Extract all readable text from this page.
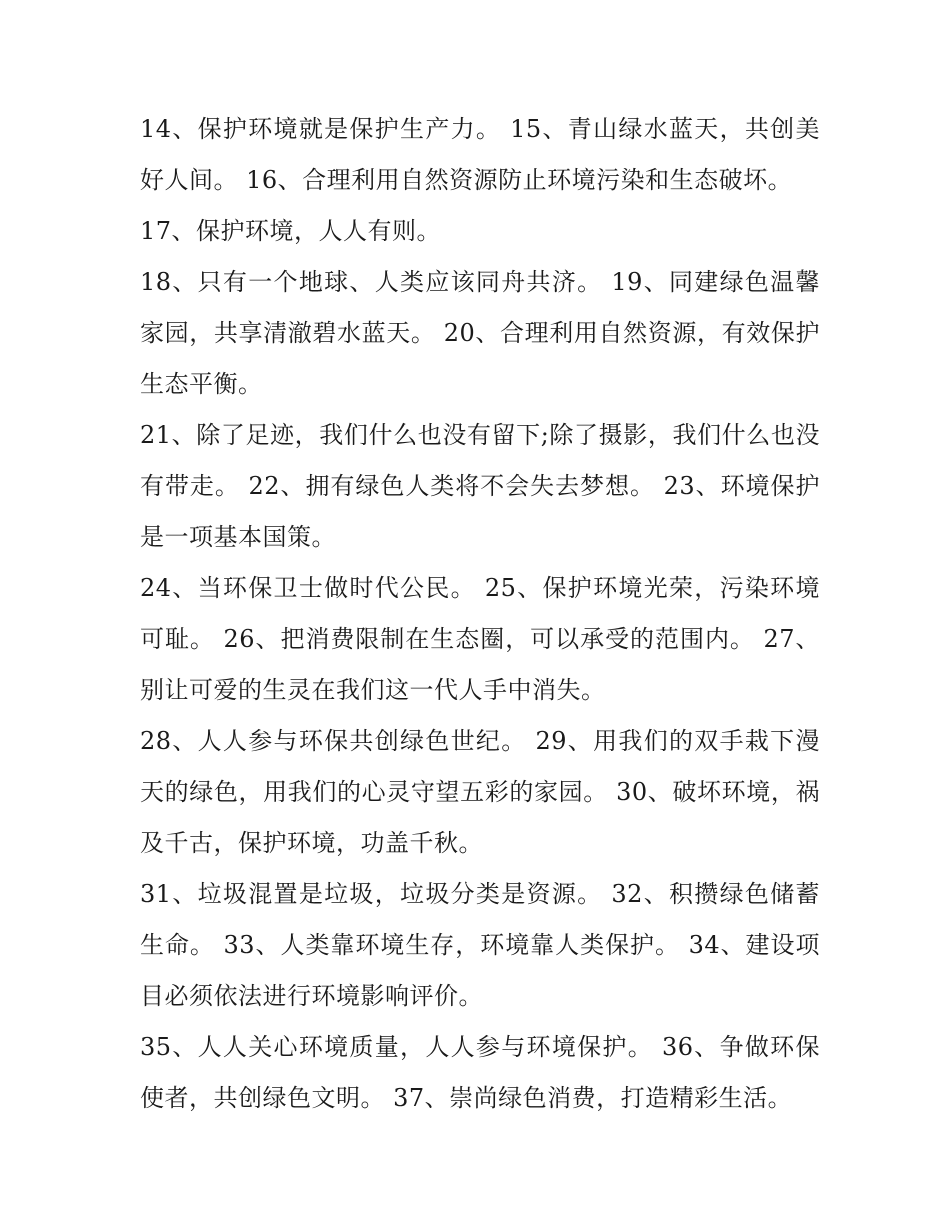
14、保护环境就是保护生产力。 15、青山绿水蓝天，共创美好人间。 16、合理利用自然资源防止环境污染和生态破坏。

17、保护环境，人人有则。

18、只有一个地球、人类应该同舟共济。 19、同建绿色温馨家园，共享清澈碧水蓝天。 20、合理利用自然资源，有效保护生态平衡。

21、除了足迹，我们什么也没有留下;除了摄影，我们什么也没有带走。 22、拥有绿色人类将不会失去梦想。 23、环境保护是一项基本国策。

24、当环保卫士做时代公民。 25、保护环境光荣，污染环境可耻。 26、把消费限制在生态圈，可以承受的范围内。 27、别让可爱的生灵在我们这一代人手中消失。

28、人人参与环保共创绿色世纪。 29、用我们的双手栽下漫天的绿色，用我们的心灵守望五彩的家园。 30、破坏环境，祸及千古，保护环境，功盖千秋。

31、垃圾混置是垃圾，垃圾分类是资源。 32、积攒绿色储蓄生命。 33、人类靠环境生存，环境靠人类保护。 34、建设项目必须依法进行环境影响评价。

35、人人关心环境质量，人人参与环境保护。 36、争做环保使者，共创绿色文明。 37、崇尚绿色消费，打造精彩生活。
